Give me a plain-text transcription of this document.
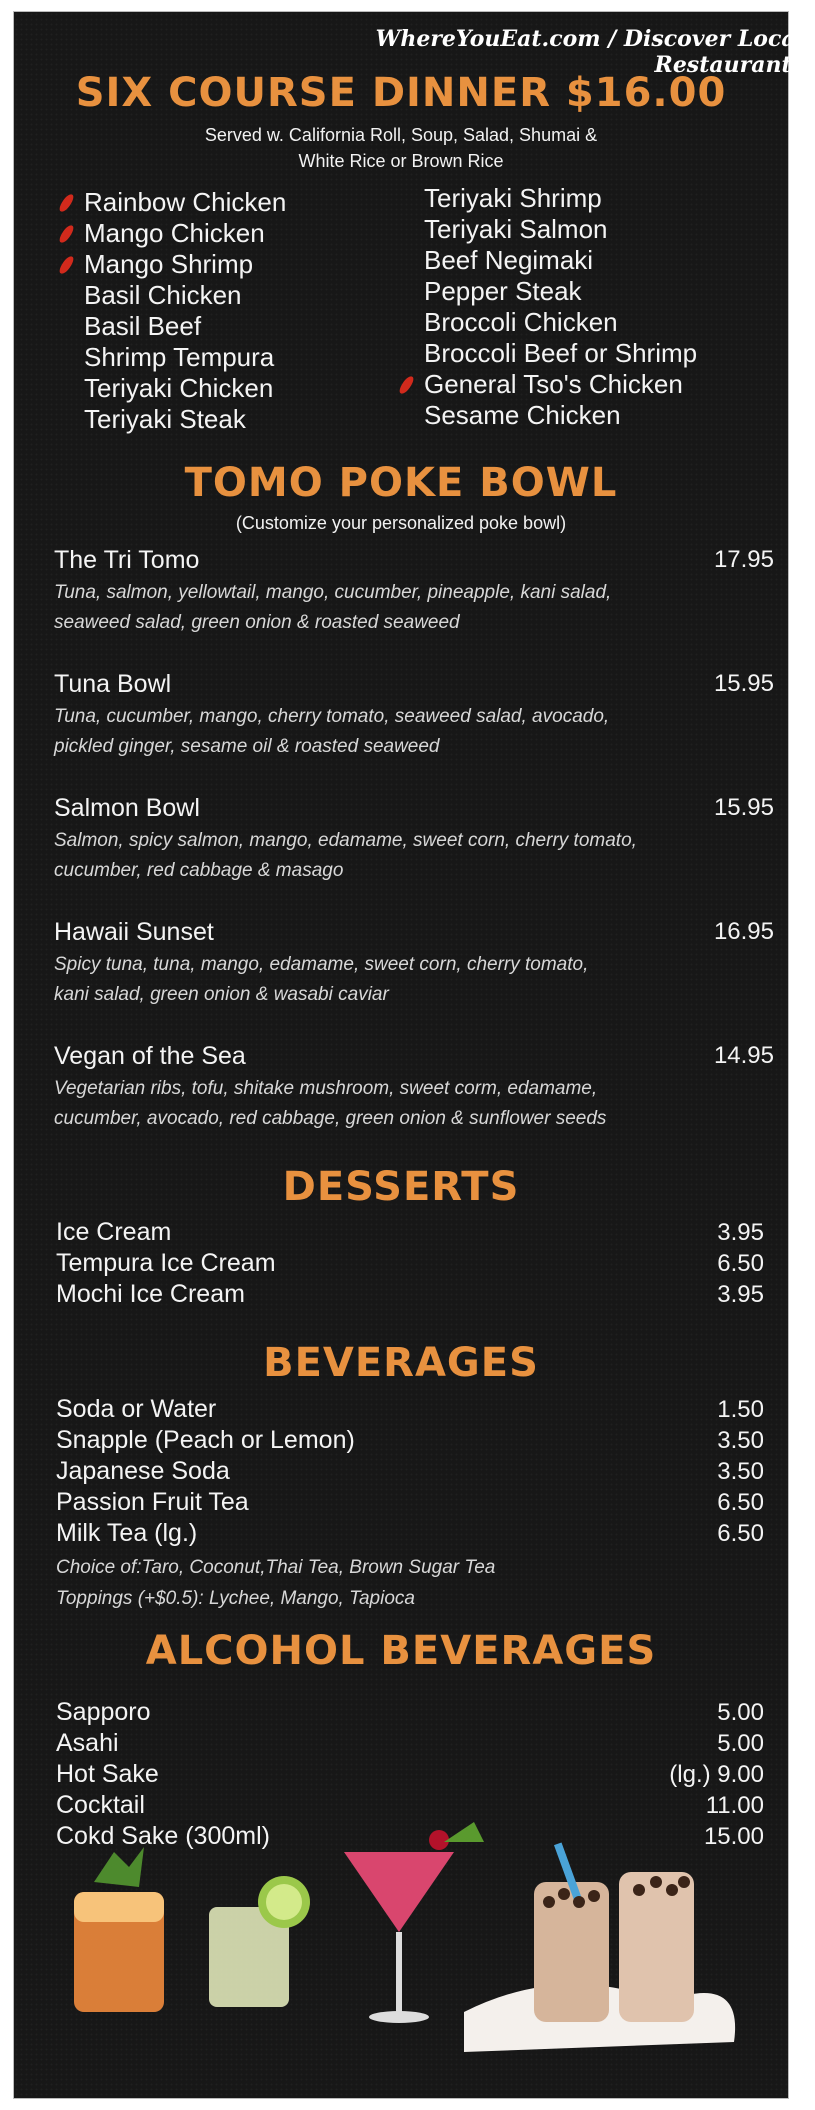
WhereYouEat.com / Discover Local Restaurants
SIX COURSE DINNER $16.00
Served w. California Roll, Soup, Salad, Shumai &
White Rice or Brown Rice
Rainbow Chicken
Mango Chicken
Mango Shrimp
Basil Chicken
Basil Beef
Shrimp Tempura
Teriyaki Chicken
Teriyaki Steak
Teriyaki Shrimp
Teriyaki Salmon
Beef Negimaki
Pepper Steak
Broccoli Chicken
Broccoli Beef or Shrimp
General Tso's Chicken
Sesame Chicken
TOMO POKE BOWL
(Customize your personalized poke bowl)
The Tri Tomo	17.95
Tuna, salmon, yellowtail, mango, cucumber, pineapple, kani salad,
seaweed salad, green onion & roasted seaweed
Tuna Bowl	15.95
Tuna, cucumber, mango, cherry tomato, seaweed salad, avocado,
pickled ginger, sesame oil & roasted seaweed
Salmon Bowl	15.95
Salmon, spicy salmon, mango, edamame, sweet corn, cherry tomato,
cucumber, red cabbage & masago
Hawaii Sunset	16.95
Spicy tuna, tuna, mango, edamame, sweet corn, cherry tomato,
kani salad, green onion & wasabi caviar
Vegan of the Sea	14.95
Vegetarian ribs, tofu, shitake mushroom, sweet corm, edamame,
cucumber, avocado, red cabbage, green onion & sunflower seeds
DESSERTS
Ice Cream	3.95
Tempura Ice Cream	6.50
Mochi Ice Cream	3.95
BEVERAGES
Soda or Water	1.50
Snapple (Peach or Lemon)	3.50
Japanese Soda	3.50
Passion Fruit Tea	6.50
Milk Tea (lg.)	6.50
Choice of:Taro, Coconut,Thai Tea, Brown Sugar Tea
Toppings (+$0.5): Lychee, Mango, Tapioca
ALCOHOL BEVERAGES
Sapporo	5.00
Asahi	5.00
Hot Sake	(lg.) 9.00
Cocktail	11.00
Cokd Sake (300ml)	15.00
